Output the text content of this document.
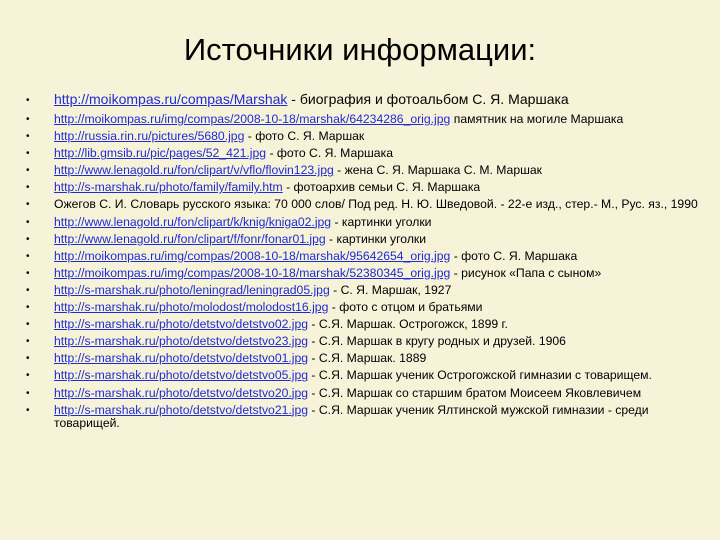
Источники информации:
• http://moikompas.ru/compas/Marshak - биография и фотоальбом С. Я. Маршака
• http://moikompas.ru/img/compas/2008-10-18/marshak/64234286_orig.jpg памятник на могиле Маршака
• http://russia.rin.ru/pictures/5680.jpg - фото С. Я. Маршак
• http://lib.gmsib.ru/pic/pages/52_421.jpg - фото С. Я. Маршака
• http://www.lenagold.ru/fon/clipart/v/vflo/flovin123.jpg - жена С. Я. Маршака С. М. Маршак
• http://s-marshak.ru/photo/family/family.htm - фотоархив семьи С. Я. Маршака
• Ожегов С. И. Словарь русского языка: 70 000 слов/ Под ред. Н. Ю. Шведовой. - 22-е изд., стер.- М., Рус. яз., 1990
• http://www.lenagold.ru/fon/clipart/k/knig/kniga02.jpg - картинки уголки
• http://www.lenagold.ru/fon/clipart/f/fonr/fonar01.jpg - картинки уголки
• http://moikompas.ru/img/compas/2008-10-18/marshak/95642654_orig.jpg - фото С. Я. Маршака
• http://moikompas.ru/img/compas/2008-10-18/marshak/52380345_orig.jpg - рисунок «Папа с сыном»
• http://s-marshak.ru/photo/leningrad/leningrad05.jpg - С. Я. Маршак, 1927
• http://s-marshak.ru/photo/molodost/molodost16.jpg - фото с отцом и братьями
• http://s-marshak.ru/photo/detstvo/detstvo02.jpg - С.Я. Маршак. Острогожск, 1899 г.
• http://s-marshak.ru/photo/detstvo/detstvo23.jpg - С.Я. Маршак в кругу родных и друзей. 1906
• http://s-marshak.ru/photo/detstvo/detstvo01.jpg - С.Я. Маршак. 1889
• http://s-marshak.ru/photo/detstvo/detstvo05.jpg - С.Я. Маршак ученик Острогожской гимназии с товарищем.
• http://s-marshak.ru/photo/detstvo/detstvo20.jpg - С.Я. Маршак со старшим братом Моисеем Яковлевичем
• http://s-marshak.ru/photo/detstvo/detstvo21.jpg - С.Я. Маршак ученик Ялтинской мужской гимназии - среди товарищей.
